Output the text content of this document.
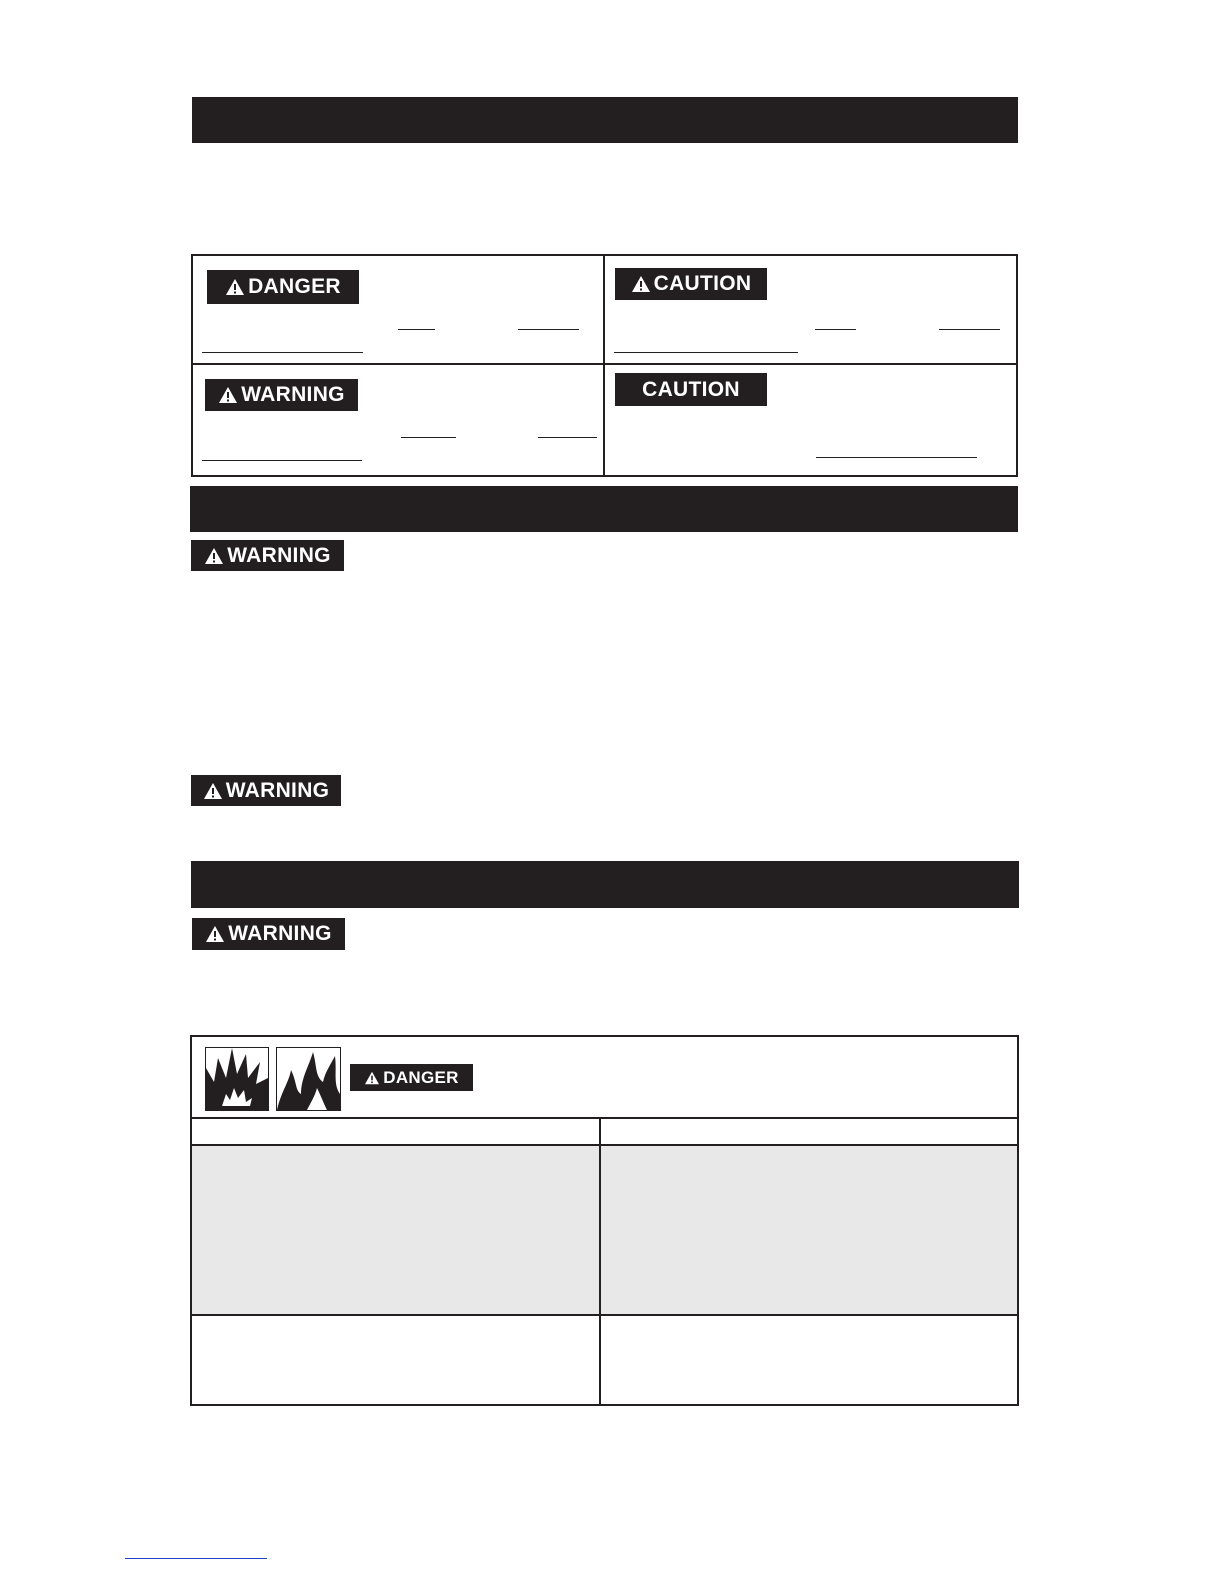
DANGER	CAUTION
WARNING	CAUTION
WARNING
WARNING
WARNING
DANGER
